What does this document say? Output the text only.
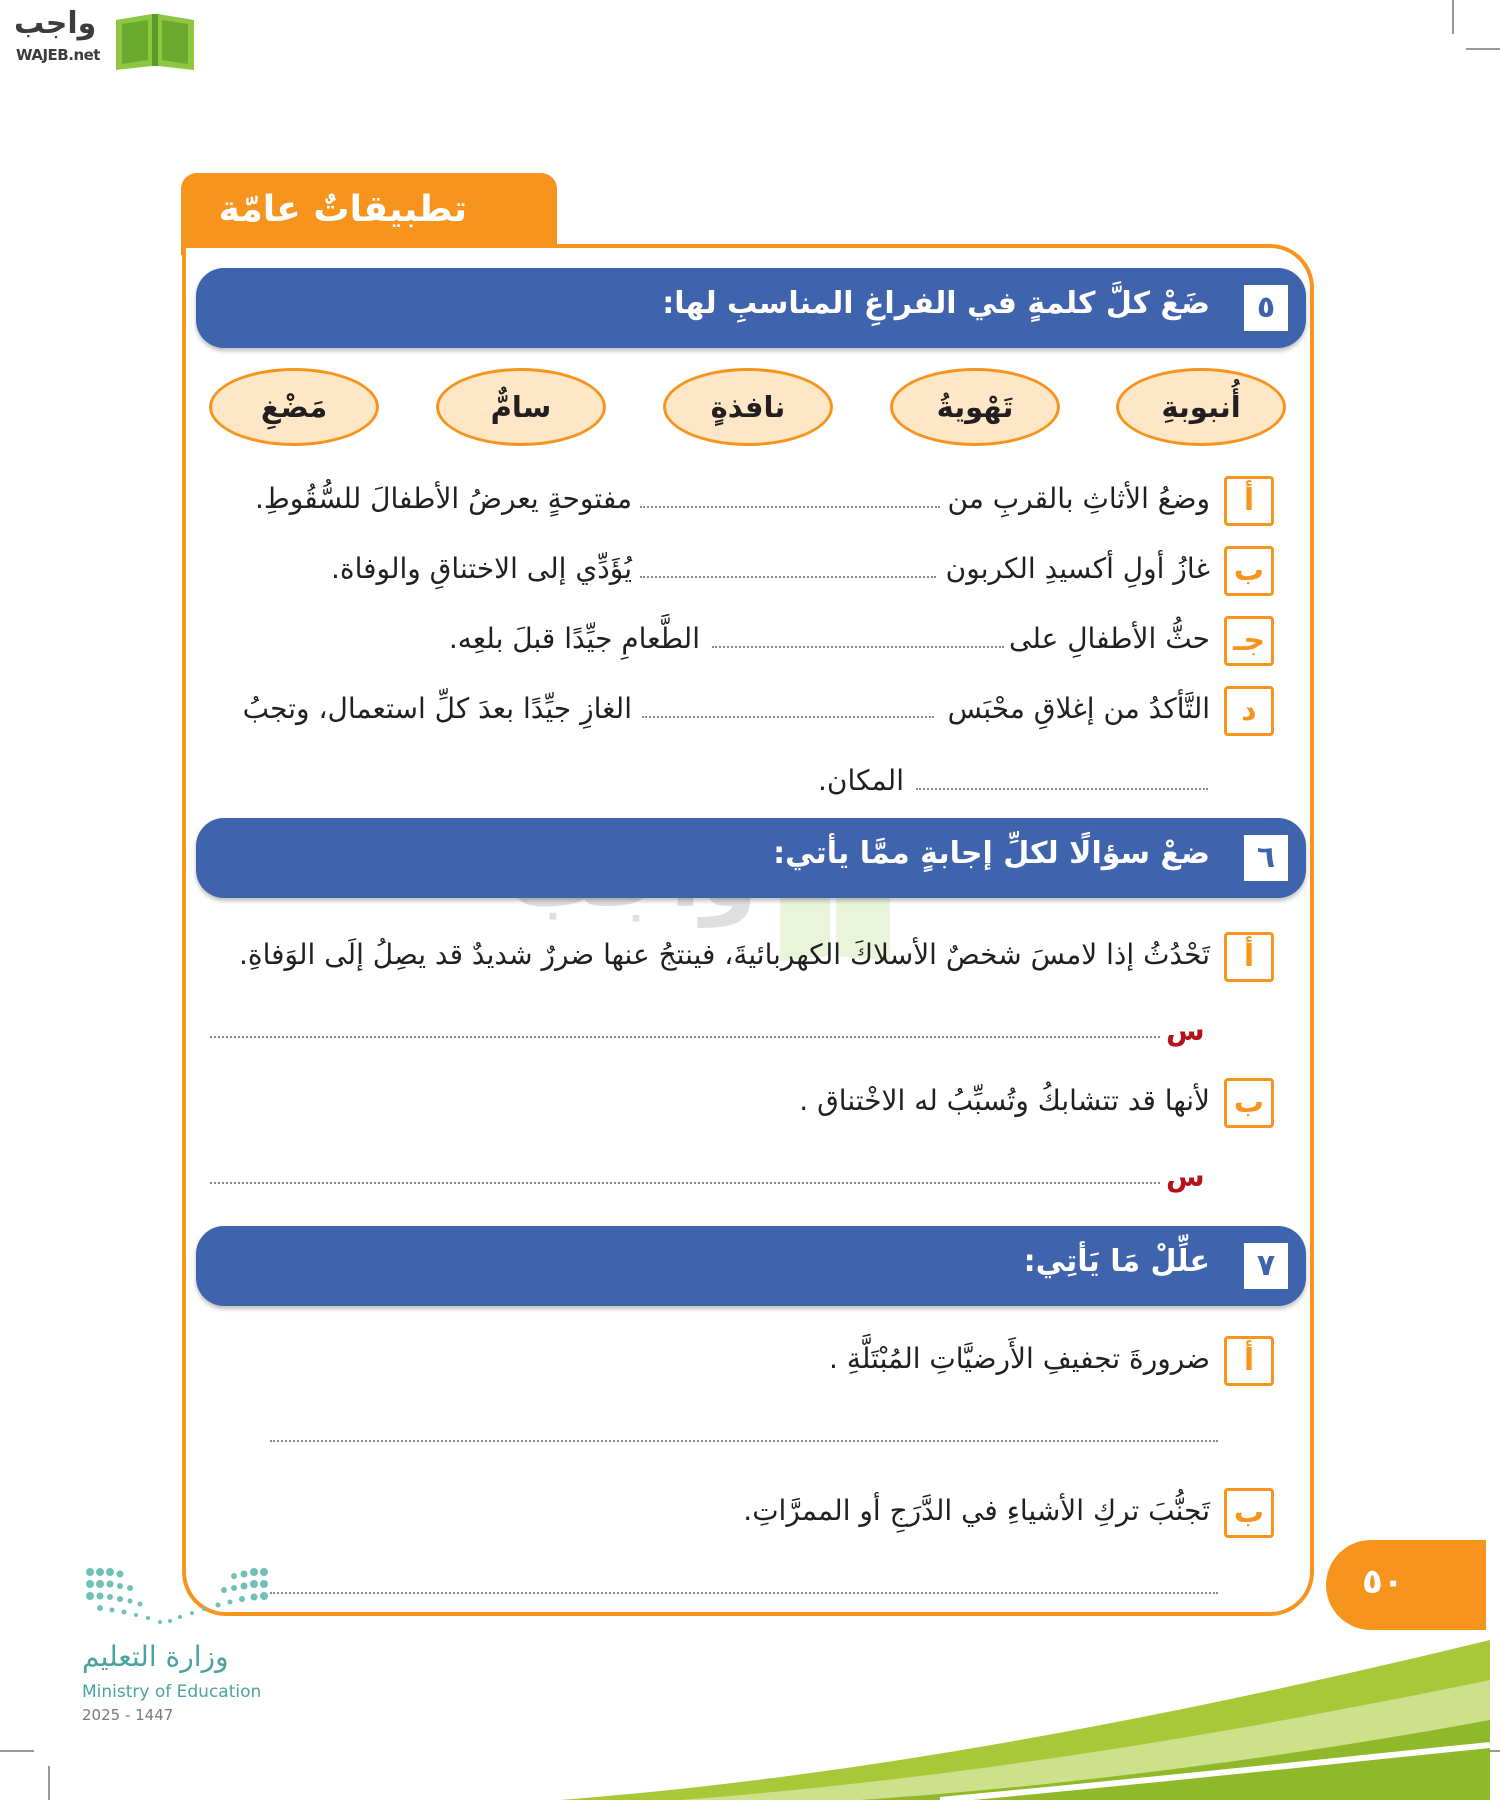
واجب
WAJEB.net
تطبيقاتٌ عامّة
٥
ضَعْ كلَّ كلمةٍ في الفراغِ المناسبِ لها:
أُنبوبةِ
تَهْويةُ
نافذةٍ
سامٌّ
مَضْغِ
أ
وضعُ الأثاثِ بالقربِ من
مفتوحةٍ يعرضُ الأطفالَ للسُّقُوطِ.
ب
غازُ أولِ أكسيدِ الكربون
يُؤَدِّي إلى الاختناقِ والوفاة.
جـ
حثُّ الأطفالِ على
الطَّعامِ جيِّدًا قبلَ بلعِه.
د
التَّأكدُ من إغلاقِ محْبَس
الغازِ جيِّدًا بعدَ كلِّ استعمال، وتجبُ
المكان.
٦
ضعْ سؤالًا لكلِّ إجابةٍ ممَّا يأتي:
أ
تَحْدُثُ إذا لامسَ شخصٌ الأسلاكَ الكهربائيةَ، فينتجُ عنها ضررٌ شديدٌ قد يصِلُ إلَى الوَفاةِ.
س
ب
لأنها قد تتشابكُ وتُسبِّبُ له الاخْتناق .
س
٧
علِّلْ مَا يَأتِي:
أ
ضرورةَ تجفيفِ الأَرضيَّاتِ المُبْتَلَّةِ .
ب
تَجنُّبَ تركِ الأشياءِ في الدَّرَجِ أو الممرَّاتِ.
٥٠
وزارة التعليم
Ministry of Education
2025 - 1447
